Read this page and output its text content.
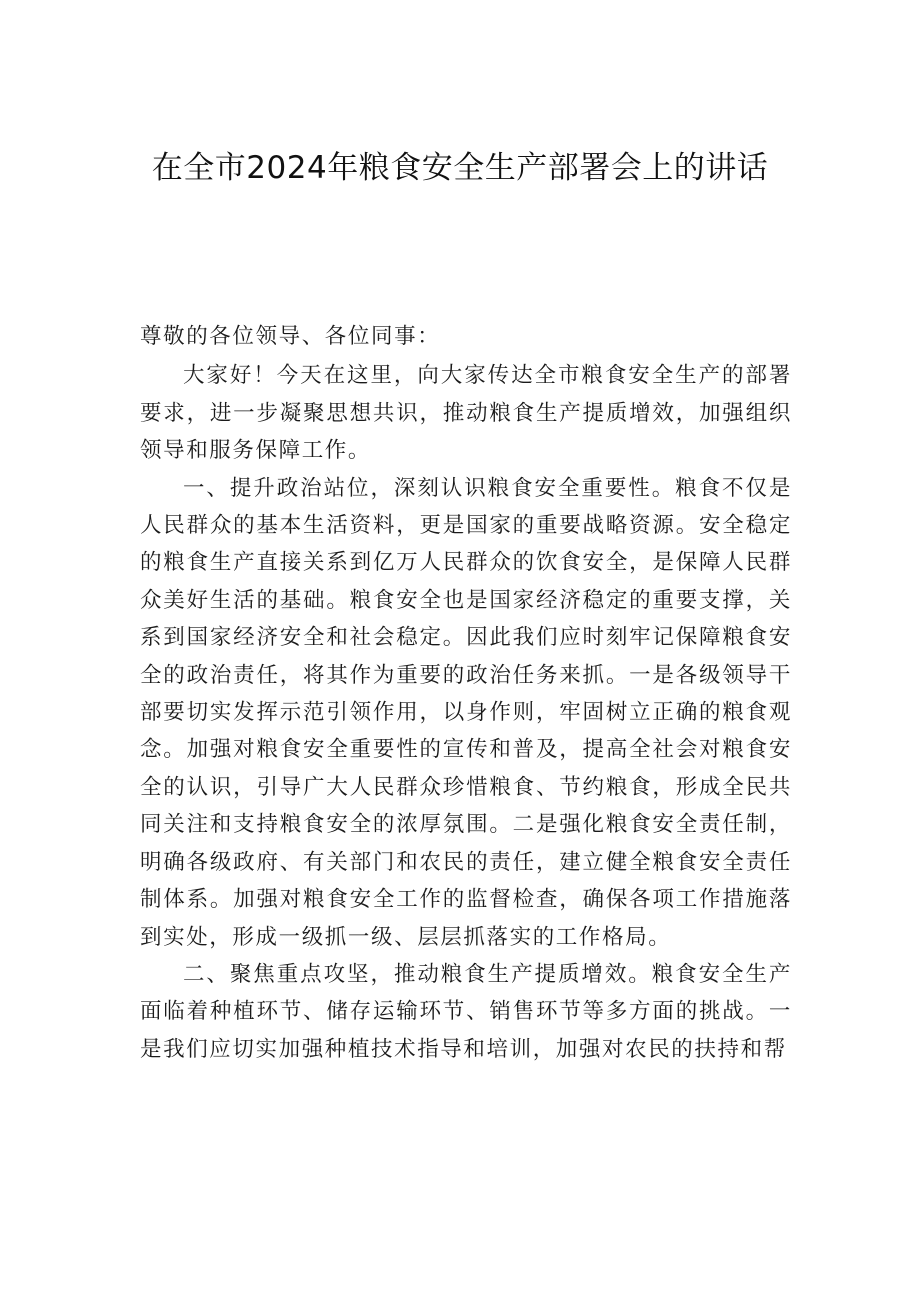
在全市2024年粮食安全生产部署会上的讲话

尊敬的各位领导、各位同事：

大家好！今天在这里，向大家传达全市粮食安全生产的部署要求，进一步凝聚思想共识，推动粮食生产提质增效，加强组织领导和服务保障工作。

一、提升政治站位，深刻认识粮食安全重要性。粮食不仅是人民群众的基本生活资料，更是国家的重要战略资源。安全稳定的粮食生产直接关系到亿万人民群众的饮食安全，是保障人民群众美好生活的基础。粮食安全也是国家经济稳定的重要支撑，关系到国家经济安全和社会稳定。因此我们应时刻牢记保障粮食安全的政治责任，将其作为重要的政治任务来抓。一是各级领导干部要切实发挥示范引领作用，以身作则，牢固树立正确的粮食观念。加强对粮食安全重要性的宣传和普及，提高全社会对粮食安全的认识，引导广大人民群众珍惜粮食、节约粮食，形成全民共同关注和支持粮食安全的浓厚氛围。二是强化粮食安全责任制，明确各级政府、有关部门和农民的责任，建立健全粮食安全责任制体系。加强对粮食安全工作的监督检查，确保各项工作措施落到实处，形成一级抓一级、层层抓落实的工作格局。

二、聚焦重点攻坚，推动粮食生产提质增效。粮食安全生产面临着种植环节、储存运输环节、销售环节等多方面的挑战。一是我们应切实加强种植技术指导和培训，加强对农民的扶持和帮
